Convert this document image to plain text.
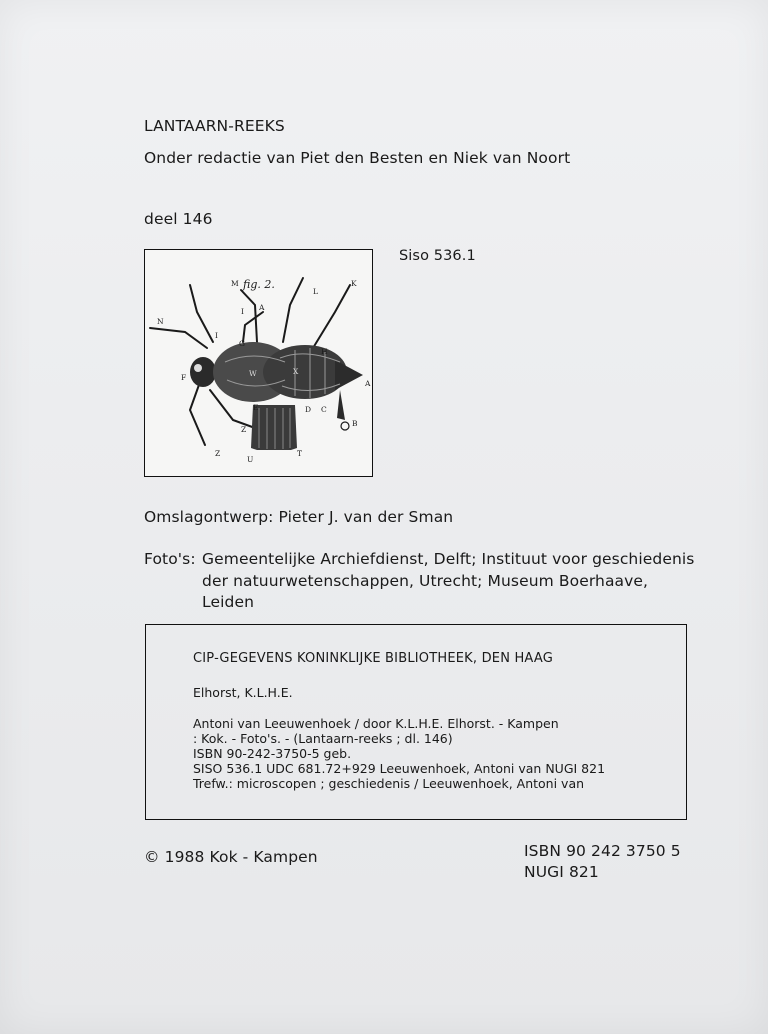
LANTAARN-REEKS
Onder redactie van Piet den Besten en Niek van Noort
deel 146
Siso 536.1
fig. 2.
M
I A
L
K
N
I
G
H
F	W	X
E	D C
A
B
Z
Z
U
T
Omslagontwerp: Pieter J. van der Sman
Foto's: Gemeentelijke Archiefdienst, Delft; Instituut voor geschiedenis
der natuurwetenschappen, Utrecht; Museum Boerhaave,
Leiden
CIP-GEGEVENS KONINKLIJKE BIBLIOTHEEK, DEN HAAG
Elhorst, K.L.H.E.
Antoni van Leeuwenhoek / door K.L.H.E. Elhorst. - Kampen
: Kok. - Foto's. - (Lantaarn-reeks ; dl. 146)
ISBN 90-242-3750-5 geb.
SISO 536.1 UDC 681.72+929 Leeuwenhoek, Antoni van NUGI 821
Trefw.: microscopen ; geschiedenis / Leeuwenhoek, Antoni van
© 1988 Kok - Kampen	ISBN 90 242 3750 5
NUGI 821
